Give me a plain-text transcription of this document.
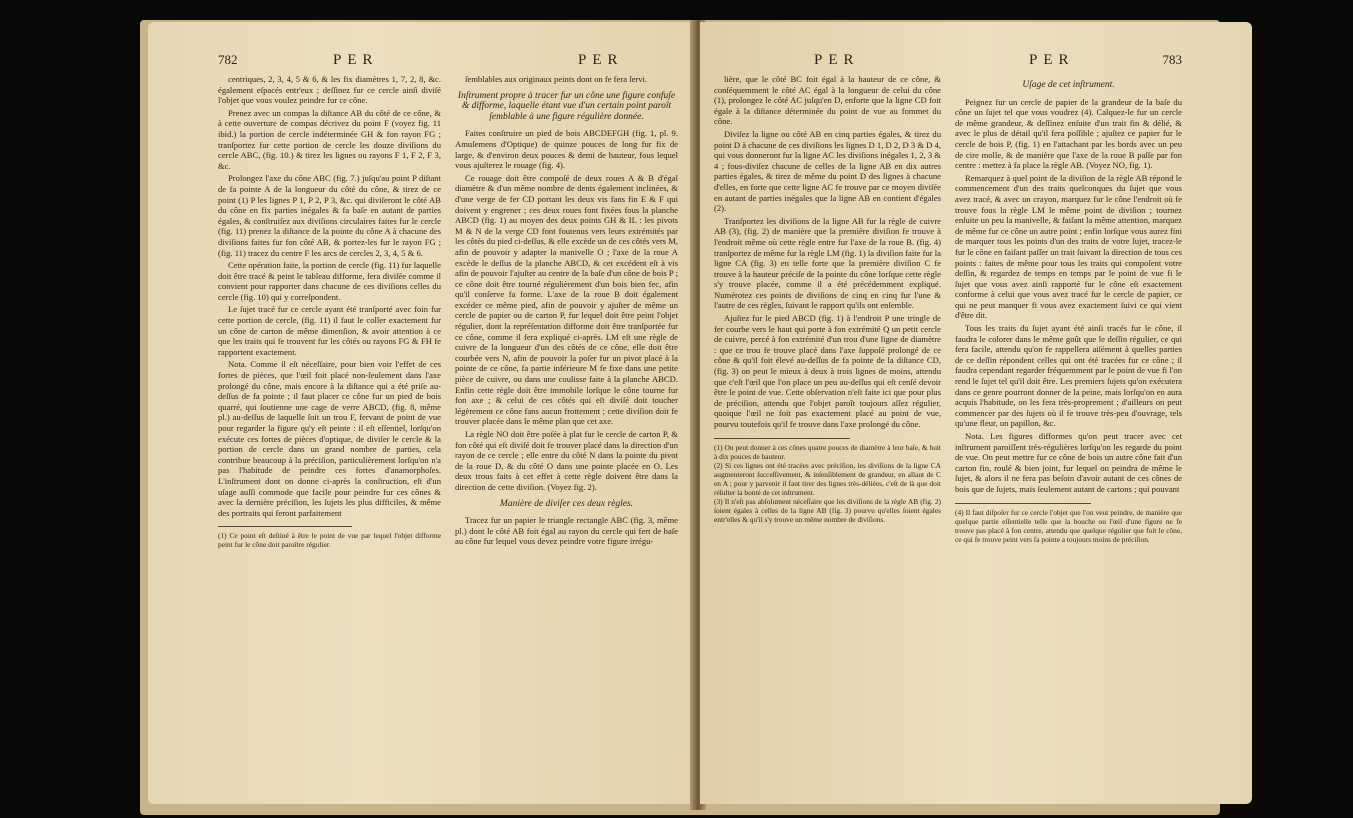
782	PER	PER

centriques, 2, 3, 4, 5 & 6, & les fix diamètres 1, 7, 2, 8, &c. également eſpacés entr'eux ; deſſinez fur ce cercle ainſi diviſé l'objet que vous voulez peindre fur ce cône.

Prenez avec un compas la diſtance AB du côté de ce cône, & à cette ouverture de compas décrivez du point F (voyez fig. 11 ibid.) la portion de cercle indéterminée GH & fon rayon FG ; tranſportez fur cette portion de cercle les douze diviſions du cercle ABC, (fig. 10.) & tirez les lignes ou rayons F 1, F 2, F 3, &c.

Prolongez l'axe du cône ABC (fig. 7.) juſqu'au point P diſtant de fa pointe A de la longueur du côté du cône, & tirez de ce point (1) P les lignes P 1, P 2, P 3, &c. qui diviſeront le côté AB du cône en fix parties inégales & fa baſe en autant de parties égales, & conſtruiſez aux diviſions circulaires faites fur le cercle (fig. 11) prenez la diſtance de la pointe du cône A à chacune des diviſions faites fur fon côté AB, & portez-les fur le rayon FG ; (fig. 11) tracez du centre F les arcs de cercles 2, 3, 4, 5 & 6.

Cette opération faite, la portion de cercle (fig. 11) fur laquelle doit être tracé & peint le tableau difforme, fera diviſée comme il convient pour rapporter dans chacune de ces diviſions celles du cercle (fig. 10) qui y correſpondent.

Le ſujet tracé fur ce cercle ayant été tranſporté avec foin fur cette portion de cercle, (fig. 11) il faut le coller exactement fur un cône de carton de même dimenſion, & avoir attention à ce que les traits qui fe trouvent fur les côtés ou rayons FG & FH fe rapportent exactement.

Nota. Comme il eſt néceſſaire, pour bien voir l'effet de ces fortes de pièces, que l'œil foit placé non-ſeulement dans l'axe prolongé du cône, mais encore à la diſtance qui a été priſe au-deſſus de fa pointe ; il faut placer ce cône fur un pied de bois quarré, qui ſoutienne une cage de verre ABCD, (fig. 8, même pl.) au-deſſus de laquelle ſoit un trou F, fervant de point de vue pour regarder la figure qu'y eſt peinte : il eſt eſſentiel, lorſqu'on exécute ces fortes de pièces d'optique, de diviſer le cercle & la portion de cercle dans un grand nombre de parties, cela contribue beaucoup à la préciſion, particulièrement lorſqu'on n'a pas l'habitude de peindre ces fortes d'anamorphoſes. L'inſtrument dont on donne ci-après la conſtruction, eſt d'un uſage auſſi commode que facile pour peindre fur ces cônes & avec la dernière préciſion, les ſujets les plus difficiles, & même des portraits qui feront parfaitement

(1) Ce point eſt deſtiné à être le point de vue par lequel l'objet difforme peint fur le cône doit paroître régulier.

ſemblables aux originaux peints dont on fe fera ſervi.

Inſtrument propre à tracer fur un cône une figure confuſe & difforme, laquelle étant vue d'un certain point paroît ſemblable à une figure régulière donnée.

Faites conſtruire un pied de bois ABCDEFGH (fig. 1, pl. 9. Amuſemens d'Optique) de quinze pouces de long fur fix de large, & d'environ deux pouces & demi de hauteur, fous lequel vous ajuſterez le rouage (fig. 4).

Ce rouage doit être compoſé de deux roues A & B d'égal diamètre & d'un même nombre de dents également inclinées, & d'une verge de fer CD portant les deux vis fans fin E & F qui doivent y engrener ; ces deux roues font fixées fous la planche ABCD (fig. 1) au moyen des deux points GH & IL : les pivots M & N de la verge CD font foutenus vers leurs extrémités par les côtés du pied ci-deſſus, & elle excède un de ces côtés vers M, afin de pouvoir y adapter la manivelle O ; l'axe de la roue A excède le deſſus de la planche ABCD, & cet excédent eſt à vis afin de pouvoir l'ajuſter au centre de la baſe d'un cône de bois P ; ce cône doit être tourné régulièrement d'un bois bien fec, afin qu'il conſerve fa forme. L'axe de la roue B doit également excéder ce même pied, afin de pouvoir y ajuſter de même un cercle de papier ou de carton P, fur lequel doit être peint l'objet régulier, dont la repréſentation difforme doit être tranſportée fur ce cône, comme il fera expliqué ci-après. LM eſt une règle de cuivre de la longueur d'un des côtés de ce cône, elle doit être courbée vers N, afin de pouvoir la poſer fur un pivot placé à la pointe de ce cône, fa partie inférieure M fe fixe dans une petite pièce de cuivre, ou dans une coulisse faite à la planche ABCD. Enfin cette règle doit être immobile lorſque le cône tourne fur fon axe ; & celui de ces côtés qui eſt diviſé doit toucher légèrement ce cône fans aucun frottement ; cette diviſion doit fe trouver placée dans le même plan que cet axe.

La règle NO doit être poſée à plat fur le cercle de carton P, & fon côté qui eſt diviſé doit fe trouver placé dans la direction d'un rayon de ce cercle ; elle entre du côté N dans la pointe du pivot de la roue D, & du côté O dans une pointe placée en O. Les deux trous faits à cet effet à cette règle doivent être dans la direction de cette diviſion. (Voyez fig. 2).

Manière de diviſer ces deux règles.

Tracez fur un papier le triangle rectangle ABC (fig. 3, même pl.) dont le côté AB foit égal au rayon du cercle qui fert de baſe au cône fur lequel vous devez peindre votre figure irrégu-

PER	PER	783

lière, que le côté BC foit égal à la hauteur de ce cône, & conſéquemment le côté AC égal à la longueur de celui du cône (1), prolongez le côté AC juſqu'en D, enforte que la ligne CD foit égale à la diſtance déterminée du point de vue au fommet du cône.

Diviſez la ligne ou côté AB en cinq parties égales, & tirez du point D à chacune de ces diviſions les lignes D 1, D 2, D 3 & D 4, qui vous donneront fur la ligne AC les diviſions inégales 1, 2, 3 & 4 ; fous-diviſez chacune de celles de la ligne AB en dix autres parties égales, & tirez de même du point D des lignes à chacune d'elles, en forte que cette ligne AC fe trouve par ce moyen diviſée en autant de parties inégales que la ligne AB en contient d'égales (2).

Tranſportez les diviſions de la ligne AB fur la règle de cuivre AB (3), (fig. 2) de manière que la première diviſion fe trouve à l'endroit même où cette règle entre fur l'axe de la roue B. (fig. 4) tranſportez de même fur la règle LM (fig. 1) la diviſion faite fur la ligne CA (fig. 3) en telle forte que la première diviſion C fe trouve à la hauteur préciſe de la pointe du cône lorſque cette règle s'y trouve placée, comme il a été précédemment expliqué. Numérotez ces points de diviſions de cinq en cinq fur l'une & l'autre de ces règles, ſuivant le rapport qu'ils ont enſemble.

Ajuſtez fur le pied ABCD (fig. 1) à l'endroit P une tringle de fer courbe vers le haut qui porte à fon extrémité Q un petit cercle de cuivre, percé à fon extrémité d'un trou d'une ligne de diamètre : que ce trou fe trouve placé dans l'axe ſuppoſé prolongé de ce cône & qu'il foit élevé au-deſſus de fa pointe de la diſtance CD, (fig. 3) on peut le mieux à deux à trois lignes de moins, attendu que c'eſt l'œil que l'on place un peu au-deſſus qui eſt cenſé devoir être le point de vue. Cette obſervation n'eſt faite ici que pour plus de préciſion, attendu que l'objet paroît toujours aſſez régulier, quoique l'œil ne foit pas exactement placé au point de vue, pourvu toutefois qu'il fe trouve dans l'axe prolongé du cône.

(1) On peut donner à ces cônes quatre pouces de diamètre à leur baſe, & huit à dix pouces de hauteur.
(2) Si ces lignes ont été tracées avec préciſion, les diviſions de la ligne CA augmenteront ſucceſſivement, & inſenſiblement de grandeur, en allant de C en A ; pour y parvenir il faut tirer des lignes très-déliées, c'eſt de là que doit réſulter la bonté de cet inſtrument.
(3) Il n'eſt pas abſolument néceſſaire que les diviſions de la règle AB (fig. 2) ſoient égales à celles de la ligne AB (fig. 3) pourvu qu'elles ſoient égales entr'elles & qu'il s'y trouve un même nombre de diviſions.

Uſage de cet inſtrument.

Peignez fur un cercle de papier de la grandeur de la baſe du cône un ſujet tel que vous voudrez (4). Calquez-le fur un cercle de même grandeur, & deſſinez enſuite d'un trait fin & délié, & avec le plus de détail qu'il fera poſſible ; ajuſtez ce papier fur le cercle de bois P, (fig. 1) en l'attachant par les bords avec un peu de cire molle, & de manière que l'axe de la roue B paſſe par fon centre : mettez à fa place la règle AB. (Voyez NO, fig. 1).

Remarquez à quel point de la diviſion de la règle AB répond le commencement d'un des traits quelconques du ſujet que vous avez tracé, & avec un crayon, marquez fur le cône l'endroit où fe trouve fous la règle LM le même point de diviſion ; tournez enſuite un peu la manivelle, & faiſant la même attention, marquez de même fur ce cône un autre point ; enfin lorſque vous aurez fini de marquer tous les points d'un des traits de votre ſujet, tracez-le fur le cône en faiſant paſſer un trait ſuivant la direction de tous ces points : faites de même pour tous les traits qui compoſent votre deſſin, & regardez de temps en temps par le point de vue fi le ſujet que vous avez ainſi rapporté fur le cône eſt exactement conforme à celui que vous avez tracé fur le cercle de papier, ce qui ne peut manquer fi vous avez exactement ſuivi ce qui vient d'être dit.

Tous les traits du ſujet ayant été ainſi tracés fur le cône, il faudra le colorer dans le même goût que le deſſin régulier, ce qui fera facile, attendu qu'on fe rappellera aiſément à quelles parties de ce deſſin répondent celles qui ont été tracées fur ce cône ; il faudra cependant regarder fréquemment par le point de vue fi l'on rend le ſujet tel qu'il doit être. Les premiers ſujets qu'on exécutera dans ce genre pourront donner de la peine, mais lorſqu'on en aura acquis l'habitude, on les fera très-proprement ; d'ailleurs on peut commencer par des ſujets où il fe trouve très-peu d'ouvrage, tels qu'une fleur, un papillon, &c.

Nota. Les figures difformes qu'on peut tracer avec cet inſtrument paroiſſent très-régulières lorſqu'on les regarde du point de vue. On peut mettre fur ce cône de bois un autre cône fait d'un carton fin, roulé & bien joint, fur lequel on peindra de même le ſujet, & alors il ne fera pas beſoin d'avoir autant de ces cônes de bois que de ſujets, mais ſeulement autant de cartons ; qui pouvant

(4) Il faut diſpoſer fur ce cercle l'objet que l'on veut peindre, de manière que quelque partie eſſentielle telle que la bouche ou l'œil d'une figure ne fe trouve pas placé à fon centre, attendu que quelque régulier que foit le cône, ce qui fe trouve peint vers fa pointe a toujours moins de préciſion.
